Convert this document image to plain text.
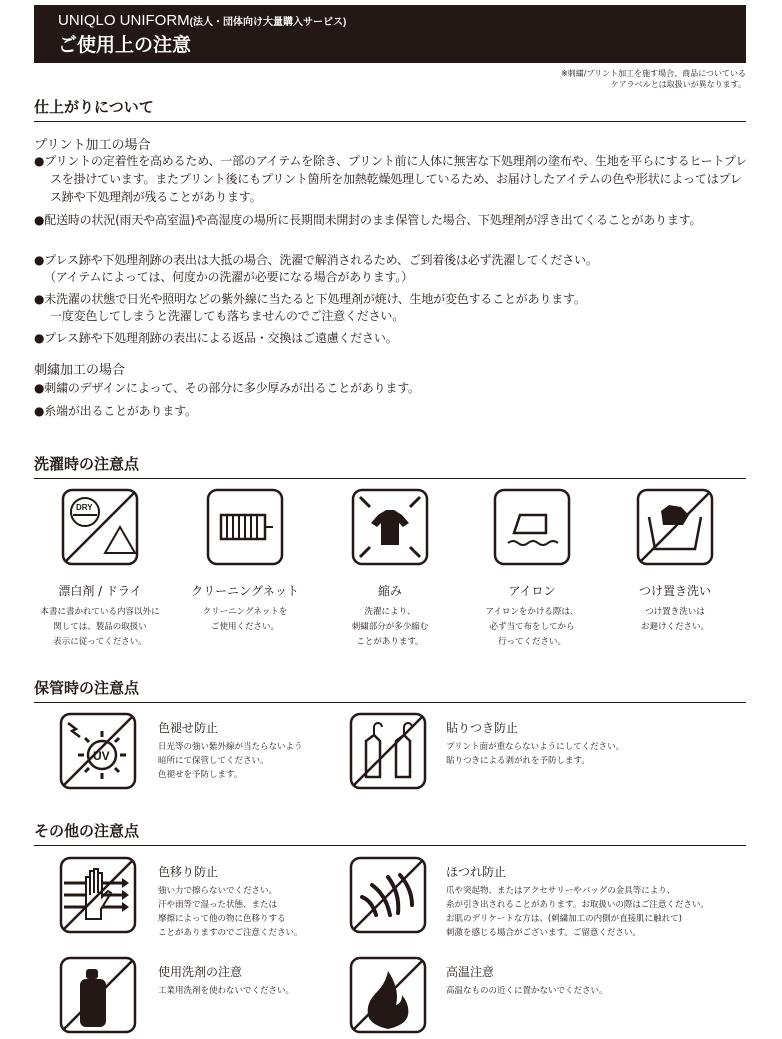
UNIQLO UNIFORM(法人・団体向け大量購入サービス)
ご使用上の注意
※刺繍/プリント加工を施す場合、商品についている
ケアラベルとは取扱いが異なります。
仕上がりについて
プリント加工の場合
●プリントの定着性を高めるため、一部のアイテムを除き、プリント前に人体に無害な下処理剤の塗布や、生地を平らにするヒートプレスを掛けています。またプリント後にもプリント箇所を加熱乾燥処理しているため、お届けしたアイテムの色や形状によってはプレス跡や下処理剤が残ることがあります。
●配送時の状況(雨天や高室温)や高湿度の場所に長期間未開封のまま保管した場合、下処理剤が浮き出てくることがあります。
●プレス跡や下処理剤跡の表出は大抵の場合、洗濯で解消されるため、ご到着後は必ず洗濯してください。
（アイテムによっては、何度かの洗濯が必要になる場合があります。）
●未洗濯の状態で日光や照明などの紫外線に当たると下処理剤が焼け、生地が変色することがあります。
一度変色してしまうと洗濯しても落ちませんのでご注意ください。
●プレス跡や下処理剤跡の表出による返品・交換はご遠慮ください。
刺繍加工の場合
●刺繍のデザインによって、その部分に多少厚みが出ることがあります。
●糸端が出ることがあります。
洗濯時の注意点
DRY
漂白剤 / ドライ
本書に書かれている内容以外に
関しては、製品の取扱い
表示に従ってください。
クリーニングネット
クリーニングネットを
ご使用ください。
縮み
洗濯により、
刺繍部分が多少縮む
ことがあります。
アイロン
アイロンをかける際は、
必ず当て布をしてから
行ってください。
つけ置き洗い
つけ置き洗いは
お避けください。
保管時の注意点
UV
色褪せ防止
日光等の強い紫外線が当たらないよう
暗所にて保管してください。
色褪せを予防します。
貼りつき防止
プリント面が重ならないようにしてください。
貼りつきによる剥がれを予防します。
その他の注意点
色移り防止
強い力で擦らないでください。
汗や雨等で湿った状態、または
摩擦によって他の物に色移りする
ことがありますのでご注意ください。
ほつれ防止
爪や突起物、またはアクセサリーやバッグの金具等により、
糸が引き出されることがあります。お取扱いの際はご注意ください。
お肌のデリケートな方は、(刺繍加工の内側が直接肌に触れて)
刺激を感じる場合がございます。ご留意ください。
使用洗剤の注意
工業用洗剤を使わないでください。
高温注意
高温なものの近くに置かないでください。
